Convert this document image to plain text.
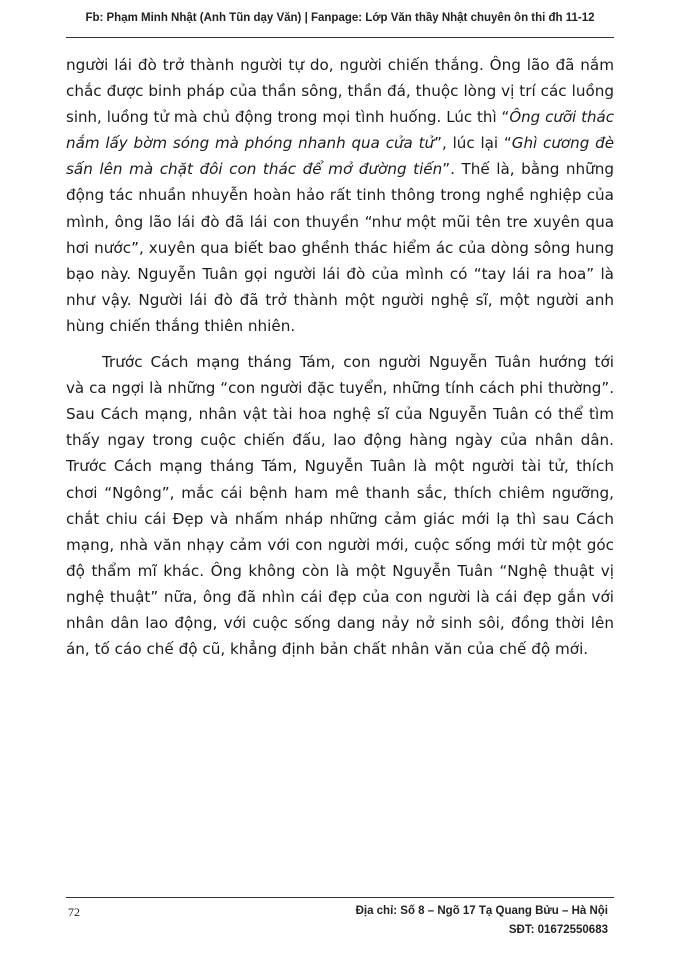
Fb: Phạm Minh Nhật (Anh Tũn dạy Văn) | Fanpage: Lớp Văn thầy Nhật chuyên ôn thi đh 11-12

người lái đò trở thành người tự do, người chiến thắng. Ông lão đã nắm
chắc được binh pháp của thần sông, thần đá, thuộc lòng vị trí các luồng
sinh, luồng tử mà chủ động trong mọi tình huống. Lúc thì “Ông cưỡi thác
nắm lấy bờm sóng mà phóng nhanh qua cửa tử”, lúc lại “Ghì cương đè
sấn lên mà chặt đôi con thác để mở đường tiến”. Thế là, bằng những
động tác nhuần nhuyễn hoàn hảo rất tinh thông trong nghề nghiệp của
mình, ông lão lái đò đã lái con thuyền “như một mũi tên tre xuyên qua
hơi nước”, xuyên qua biết bao ghềnh thác hiểm ác của dòng sông hung
bạo này. Nguyễn Tuân gọi người lái đò của mình có “tay lái ra hoa” là
như vậy. Người lái đò đã trở thành một người nghệ sĩ, một người anh
hùng chiến thắng thiên nhiên.

Trước Cách mạng tháng Tám, con người Nguyễn Tuân hướng tới
và ca ngợi là những “con người đặc tuyển, những tính cách phi thường”.
Sau Cách mạng, nhân vật tài hoa nghệ sĩ của Nguyễn Tuân có thể tìm
thấy ngay trong cuộc chiến đấu, lao động hàng ngày của nhân dân.
Trước Cách mạng tháng Tám, Nguyễn Tuân là một người tài tử, thích
chơi “Ngông”, mắc cái bệnh ham mê thanh sắc, thích chiêm ngưỡng,
chắt chiu cái Đẹp và nhấm nháp những cảm giác mới lạ thì sau Cách
mạng, nhà văn nhạy cảm với con người mới, cuộc sống mới từ một góc
độ thẩm mĩ khác. Ông không còn là một Nguyễn Tuân “Nghệ thuật vị
nghệ thuật” nữa, ông đã nhìn cái đẹp của con người là cái đẹp gắn với
nhân dân lao động, với cuộc sống dang nảy nở sinh sôi, đồng thời lên
án, tố cáo chế độ cũ, khẳng định bản chất nhân văn của chế độ mới.

72	Địa chỉ: Số 8 – Ngõ 17 Tạ Quang Bửu – Hà Nội
SĐT: 01672550683
